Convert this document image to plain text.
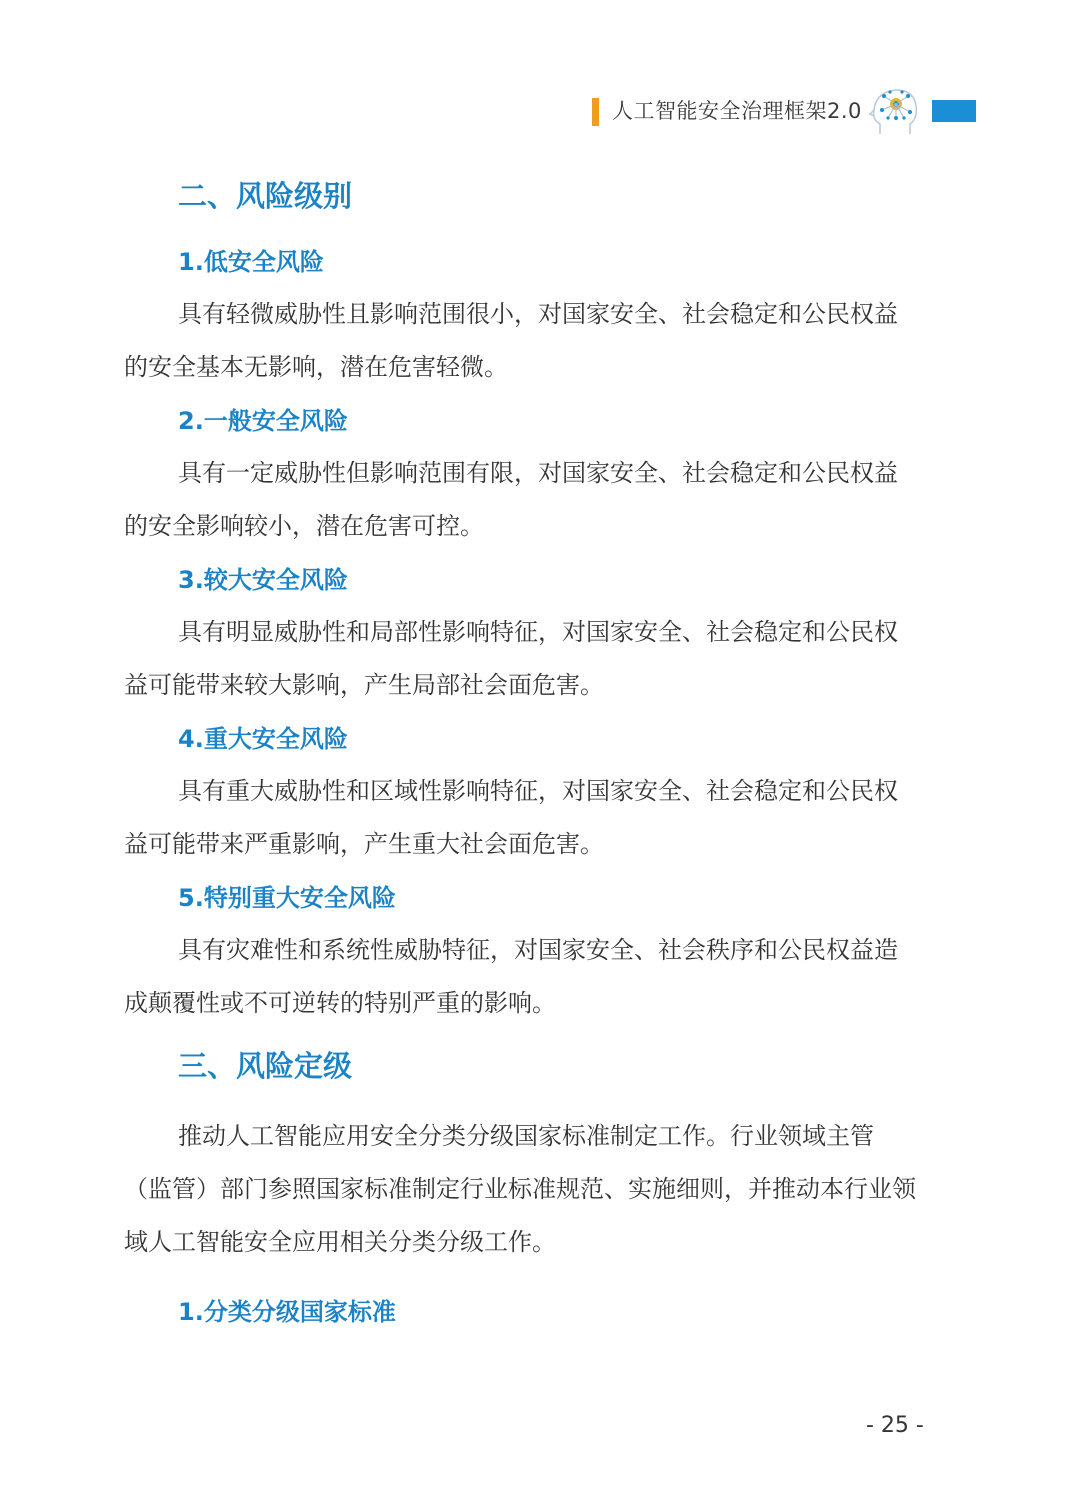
人工智能安全治理框架2.0
二、风险级别
1.低安全风险
具有轻微威胁性且影响范围很小，对国家安全、社会稳定和公民权益
的安全基本无影响，潜在危害轻微。
2.一般安全风险
具有一定威胁性但影响范围有限，对国家安全、社会稳定和公民权益
的安全影响较小，潜在危害可控。
3.较大安全风险
具有明显威胁性和局部性影响特征，对国家安全、社会稳定和公民权
益可能带来较大影响，产生局部社会面危害。
4.重大安全风险
具有重大威胁性和区域性影响特征，对国家安全、社会稳定和公民权
益可能带来严重影响，产生重大社会面危害。
5.特别重大安全风险
具有灾难性和系统性威胁特征，对国家安全、社会秩序和公民权益造
成颠覆性或不可逆转的特别严重的影响。
三、风险定级
推动人工智能应用安全分类分级国家标准制定工作。行业领域主管
（监管）部门参照国家标准制定行业标准规范、实施细则，并推动本行业领
域人工智能安全应用相关分类分级工作。
1.分类分级国家标准
- 25 -
